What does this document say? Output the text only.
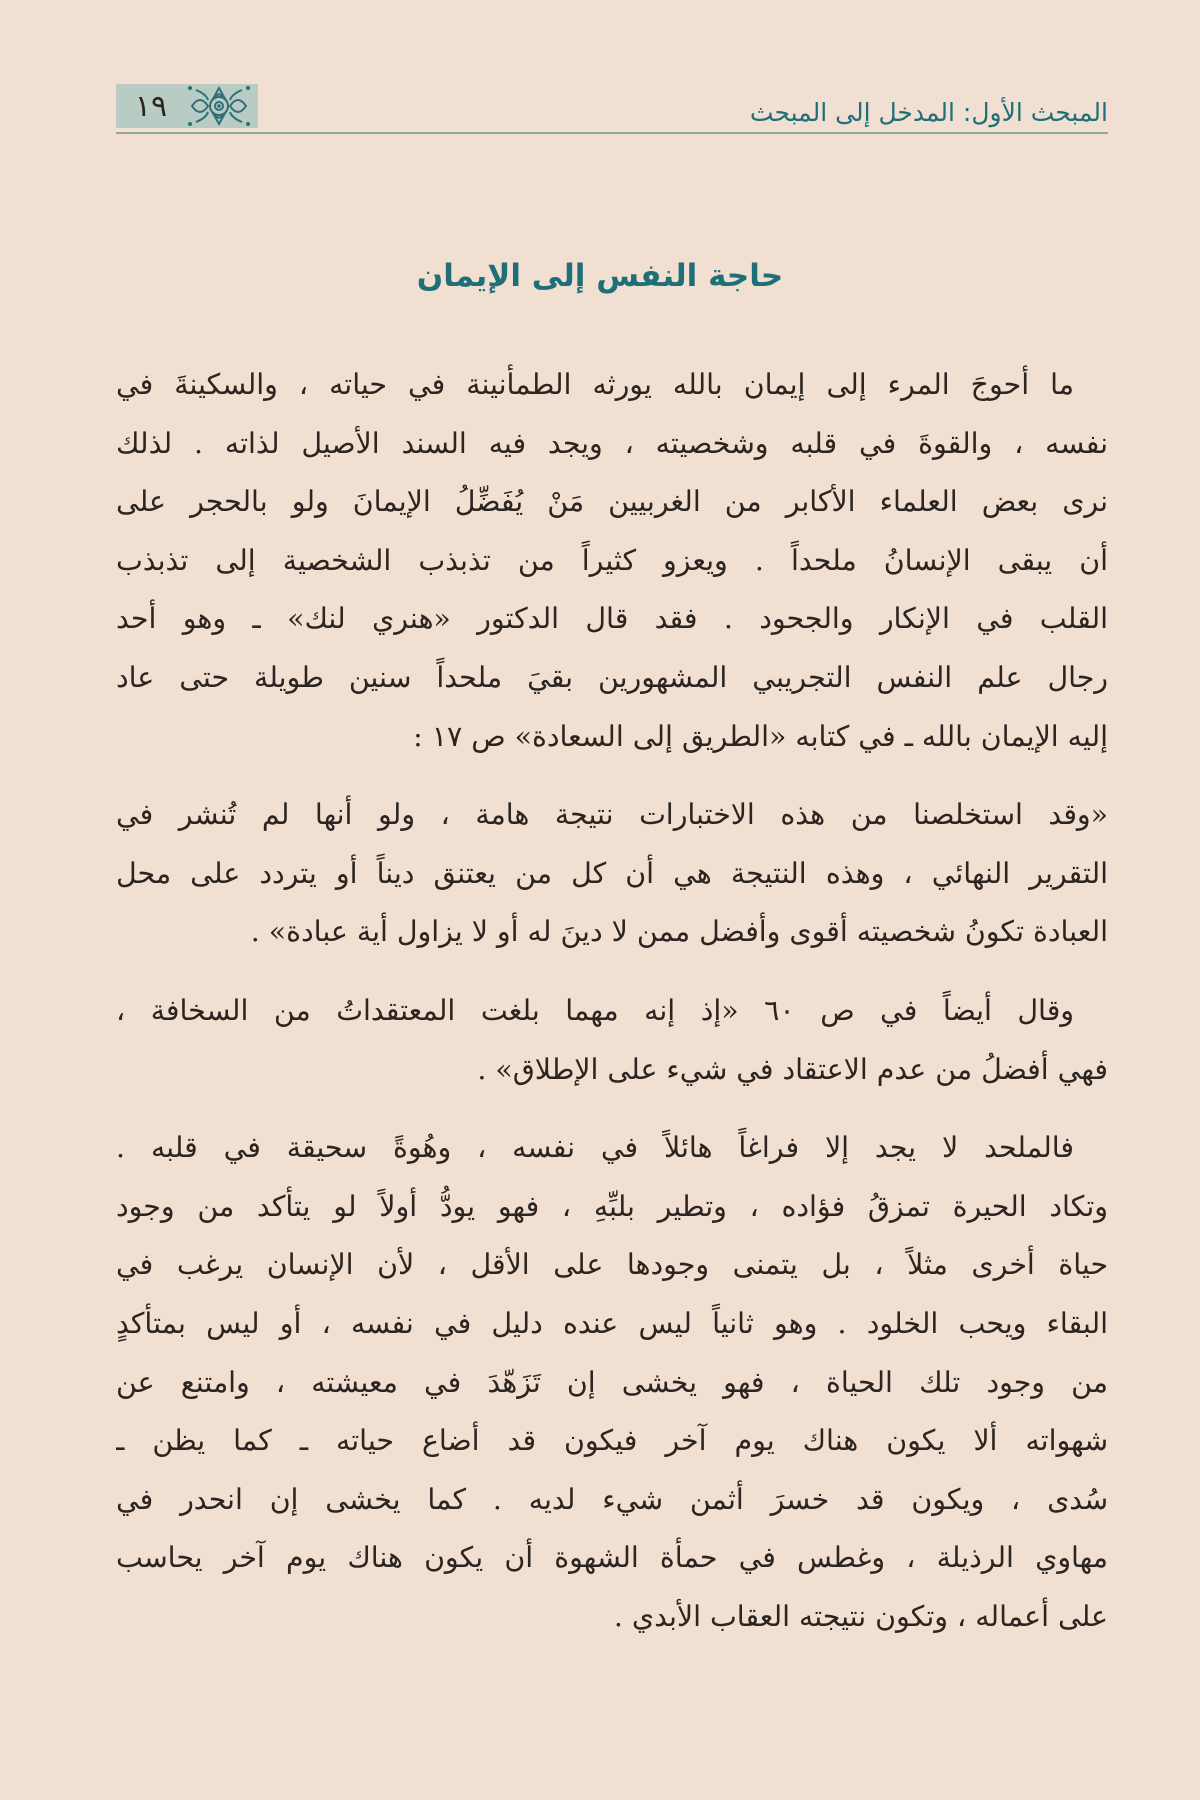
المبحث الأول: المدخل إلى المبحث
١٩
حاجة النفس إلى الإيمان
ما أحوجَ المرء إلى إيمان بالله يورثه الطمأنينة في حياته ، والسكينةَ في
نفسه ، والقوةَ في قلبه وشخصيته ، ويجد فيه السند الأصيل لذاته . لذلك
نرى بعض العلماء الأكابر من الغربيين مَنْ يُفَضِّلُ الإيمانَ ولو بالحجر على
أن يبقى الإنسانُ ملحداً . ويعزو كثيراً من تذبذب الشخصية إلى تذبذب
القلب في الإنكار والجحود . فقد قال الدكتور «هنري لنك» ـ وهو أحد
رجال علم النفس التجريبي المشهورين بقيَ ملحداً سنين طويلة حتى عاد
إليه الإيمان بالله ـ في كتابه «الطريق إلى السعادة» ص ١٧ :
«وقد استخلصنا من هذه الاختبارات نتيجة هامة ، ولو أنها لم تُنشر في
التقرير النهائي ، وهذه النتيجة هي أن كل من يعتنق ديناً أو يتردد على محل
العبادة تكونُ شخصيته أقوى وأفضل ممن لا دينَ له أو لا يزاول أية عبادة» .
وقال أيضاً في ص ٦٠ «إذ إنه مهما بلغت المعتقداتُ من السخافة ،
فهي أفضلُ من عدم الاعتقاد في شيء على الإطلاق» .
فالملحد لا يجد إلا فراغاً هائلاً في نفسه ، وهُوةً سحيقة في قلبه .
وتكاد الحيرة تمزقُ فؤاده ، وتطير بلبِّهِ ، فهو يودُّ أولاً لو يتأكد من وجود
حياة أخرى مثلاً ، بل يتمنى وجودها على الأقل ، لأن الإنسان يرغب في
البقاء ويحب الخلود . وهو ثانياً ليس عنده دليل في نفسه ، أو ليس بمتأكدٍ
من وجود تلك الحياة ، فهو يخشى إن تَزَهّدَ في معيشته ، وامتنع عن
شهواته ألا يكون هناك يوم آخر فيكون قد أضاع حياته ـ كما يظن ـ
سُدى ، ويكون قد خسرَ أثمن شيء لديه . كما يخشى إن انحدر في
مهاوي الرذيلة ، وغطس في حمأة الشهوة أن يكون هناك يوم آخر يحاسب
على أعماله ، وتكون نتيجته العقاب الأبدي .
